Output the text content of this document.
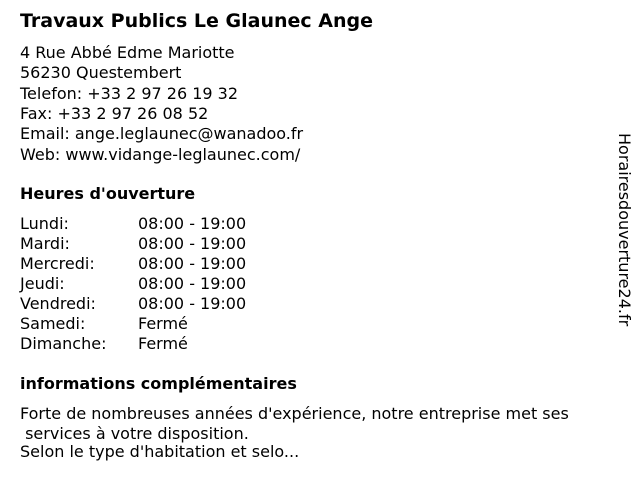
Travaux Publics Le Glaunec Ange
4 Rue Abbé Edme Mariotte
56230 Questembert
Telefon: +33 2 97 26 19 32
Fax: +33 2 97 26 08 52
Email: ange.leglaunec@wanadoo.fr
Web: www.vidange-leglaunec.com/
Heures d'ouverture
Lundi:	08:00 - 19:00
Mardi:	08:00 - 19:00
Mercredi:	08:00 - 19:00
Jeudi:	08:00 - 19:00
Vendredi:	08:00 - 19:00
Samedi:	Fermé
Dimanche: Fermé
informations complémentaires
Forte de nombreuses années d'expérience, notre entreprise met ses
services à votre disposition.
Selon le type d'habitation et selo...
Horairesdouverture24.fr
